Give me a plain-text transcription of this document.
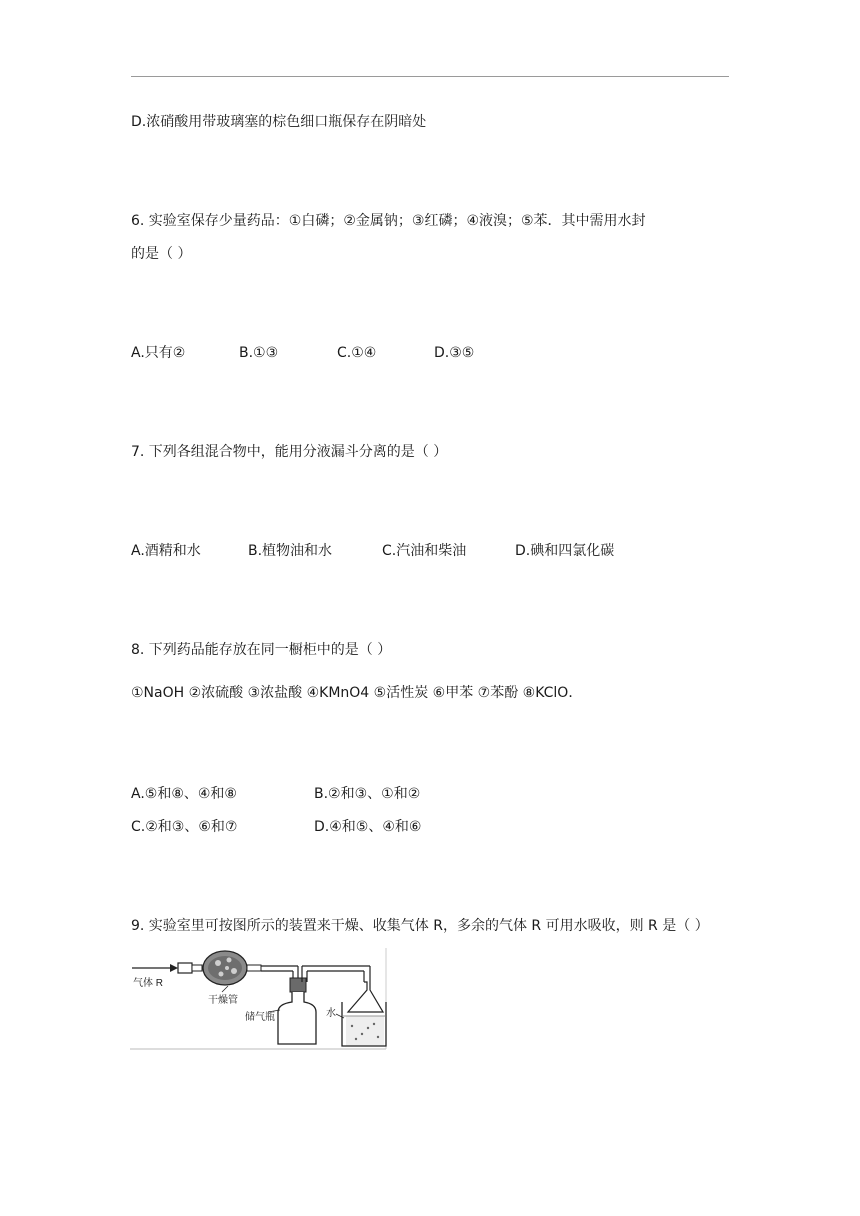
D.浓硝酸用带玻璃塞的棕色细口瓶保存在阴暗处
6. 实验室保存少量药品：①白磷；②金属钠；③红磷；④液溴；⑤苯．其中需用水封
的是（ ）
A.只有②	B.①③	C.①④	D.③⑤
7. 下列各组混合物中，能用分液漏斗分离的是（ ）
A.酒精和水	B.植物油和水	C.汽油和柴油	D.碘和四氯化碳
8. 下列药品能存放在同一橱柜中的是（ ）
①NaOH ②浓硫酸 ③浓盐酸 ④KMnO4 ⑤活性炭 ⑥甲苯 ⑦苯酚 ⑧KClO．
A.⑤和⑧、④和⑧	B.②和③、①和②
C.②和③、⑥和⑦	D.④和⑤、④和⑥
9. 实验室里可按图所示的装置来干燥、收集气体 R，多余的气体 R 可用水吸收，则 R 是（ ）
气体 R
干燥管
储气瓶	水
